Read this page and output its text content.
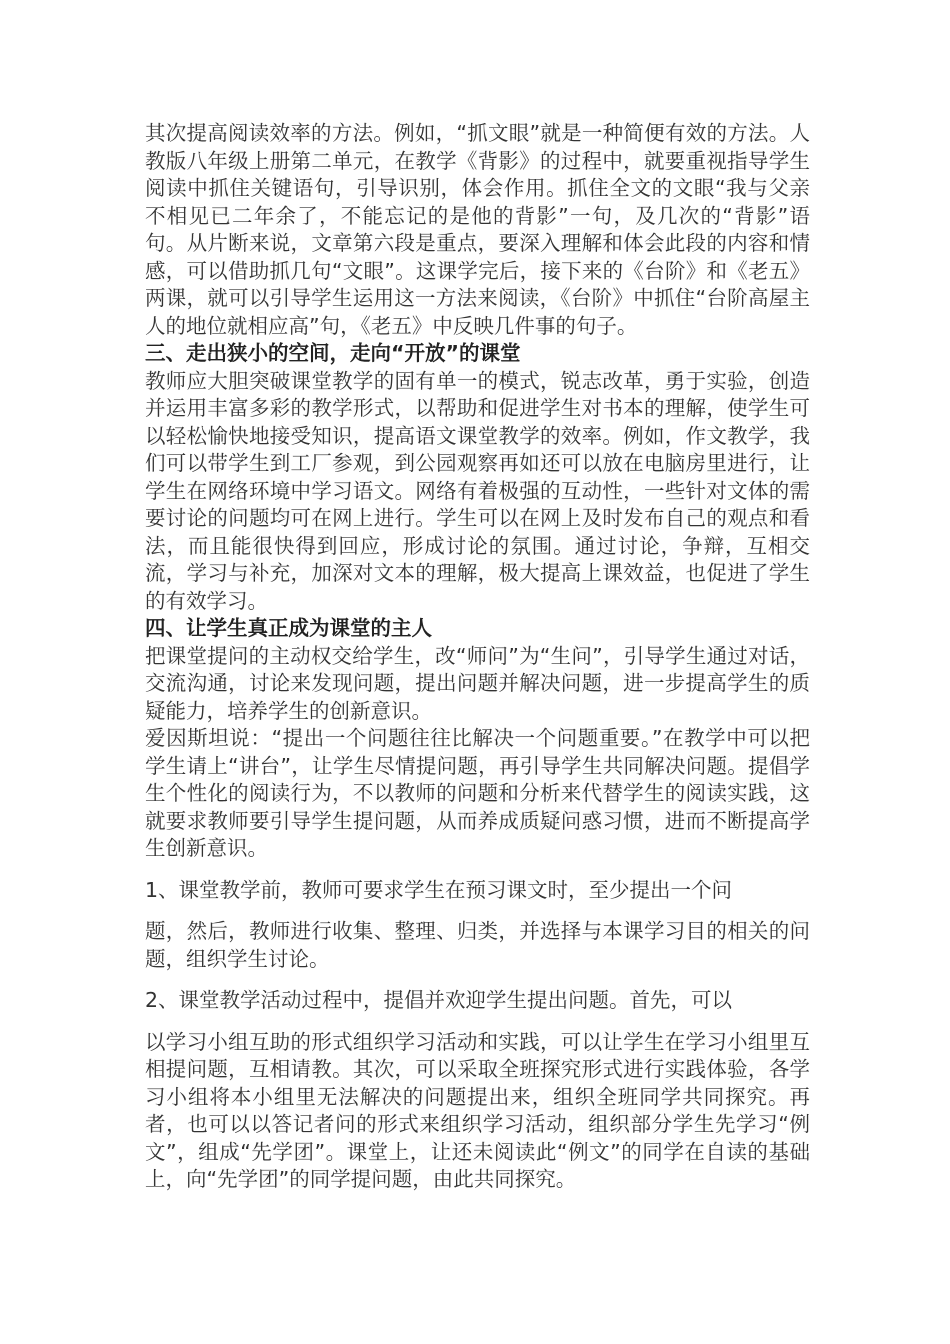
其次提高阅读效率的方法。例如，“抓文眼”就是一种简便有效的方法。人教版八年级上册第二单元，在教学《背影》的过程中，就要重视指导学生阅读中抓住关键语句，引导识别，体会作用。抓住全文的文眼“我与父亲不相见已二年余了，不能忘记的是他的背影”一句，及几次的“背影”语句。从片断来说，文章第六段是重点，要深入理解和体会此段的内容和情感，可以借助抓几句“文眼”。这课学完后，接下来的《台阶》和《老五》两课，就可以引导学生运用这一方法来阅读，《台阶》中抓住“台阶高屋主人的地位就相应高”句，《老五》中反映几件事的句子。

三、走出狭小的空间，走向“开放”的课堂

教师应大胆突破课堂教学的固有单一的模式，锐志改革，勇于实验，创造并运用丰富多彩的教学形式，以帮助和促进学生对书本的理解，使学生可以轻松愉快地接受知识，提高语文课堂教学的效率。例如，作文教学，我们可以带学生到工厂参观，到公园观察再如还可以放在电脑房里进行，让学生在网络环境中学习语文。网络有着极强的互动性，一些针对文体的需要讨论的问题均可在网上进行。学生可以在网上及时发布自己的观点和看法，而且能很快得到回应，形成讨论的氛围。通过讨论，争辩，互相交流，学习与补充，加深对文本的理解，极大提高上课效益，也促进了学生的有效学习。

四、让学生真正成为课堂的主人

把课堂提问的主动权交给学生，改“师问”为“生问”，引导学生通过对话，交流沟通，讨论来发现问题，提出问题并解决问题，进一步提高学生的质疑能力，培养学生的创新意识。

爱因斯坦说：“提出一个问题往往比解决一个问题重要。”在教学中可以把学生请上“讲台”，让学生尽情提问题，再引导学生共同解决问题。提倡学生个性化的阅读行为，不以教师的问题和分析来代替学生的阅读实践，这就要求教师要引导学生提问题，从而养成质疑问惑习惯，进而不断提高学生创新意识。

1、课堂教学前，教师可要求学生在预习课文时，至少提出一个问

题，然后，教师进行收集、整理、归类，并选择与本课学习目的相关的问题，组织学生讨论。

2、课堂教学活动过程中，提倡并欢迎学生提出问题。首先，可以

以学习小组互助的形式组织学习活动和实践，可以让学生在学习小组里互相提问题，互相请教。其次，可以采取全班探究形式进行实践体验，各学习小组将本小组里无法解决的问题提出来，组织全班同学共同探究。再者，也可以以答记者问的形式来组织学习活动，组织部分学生先学习“例文”，组成“先学团”。课堂上，让还未阅读此“例文”的同学在自读的基础上，向“先学团”的同学提问题，由此共同探究。
